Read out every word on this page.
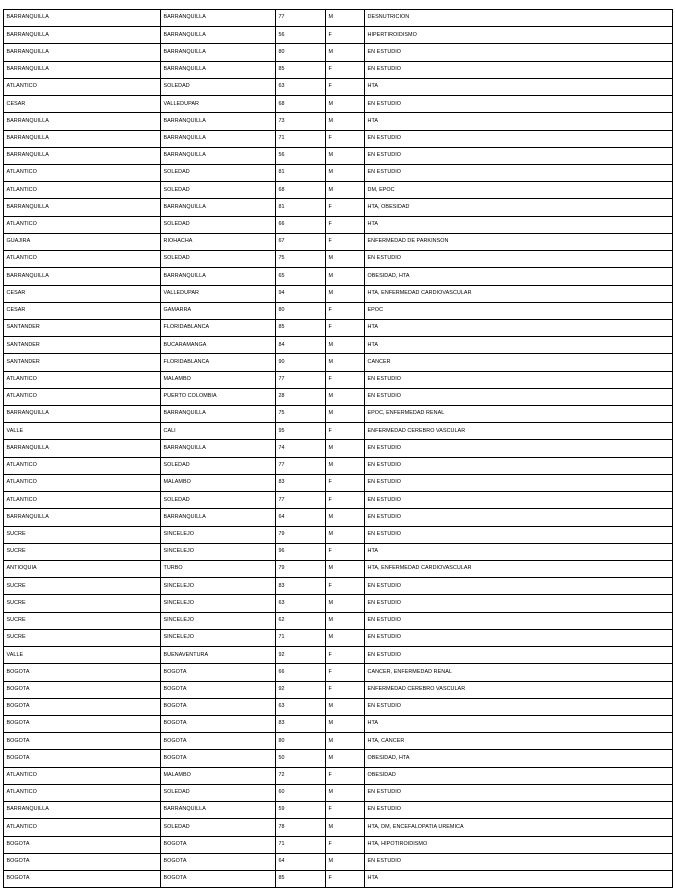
BARRANQUILLA	BARRANQUILLA	77	M	DESNUTRICION
BARRANQUILLA	BARRANQUILLA	56	F	HIPERTIROIDISMO
BARRANQUILLA	BARRANQUILLA	80	M	EN ESTUDIO
BARRANQUILLA	BARRANQUILLA	85	F	EN ESTUDIO
ATLANTICO	SOLEDAD	63	F	HTA
CESAR	VALLEDUPAR	68	M	EN ESTUDIO
BARRANQUILLA	BARRANQUILLA	73	M	HTA
BARRANQUILLA	BARRANQUILLA	71	F	EN ESTUDIO
BARRANQUILLA	BARRANQUILLA	56	M	EN ESTUDIO
ATLANTICO	SOLEDAD	81	M	EN ESTUDIO
ATLANTICO	SOLEDAD	68	M	DM, EPOC
BARRANQUILLA	BARRANQUILLA	81	F	HTA, OBESIDAD
ATLANTICO	SOLEDAD	66	F	HTA
GUAJIRA	RIOHACHA	67	F	ENFERMEDAD DE PARKINSON
ATLANTICO	SOLEDAD	75	M	EN ESTUDIO
BARRANQUILLA	BARRANQUILLA	65	M	OBESIDAD, HTA
CESAR	VALLEDUPAR	94	M	HTA, ENFERMEDAD CARDIOVASCULAR
CESAR	GAMARRA	80	F	EPOC
SANTANDER	FLORIDABLANCA	85	F	HTA
SANTANDER	BUCARAMANGA	84	M	HTA
SANTANDER	FLORIDABLANCA	90	M	CANCER
ATLANTICO	MALAMBO	77	F	EN ESTUDIO
ATLANTICO	PUERTO COLOMBIA	28	M	EN ESTUDIO
BARRANQUILLA	BARRANQUILLA	75	M	EPOC, ENFERMEDAD RENAL
VALLE	CALI	95	F	ENFERMEDAD CEREBRO VASCULAR
BARRANQUILLA	BARRANQUILLA	74	M	EN ESTUDIO
ATLANTICO	SOLEDAD	77	M	EN ESTUDIO
ATLANTICO	MALAMBO	83	F	EN ESTUDIO
ATLANTICO	SOLEDAD	77	F	EN ESTUDIO
BARRANQUILLA	BARRANQUILLA	64	M	EN ESTUDIO
SUCRE	SINCELEJO	79	M	EN ESTUDIO
SUCRE	SINCELEJO	96	F	HTA
ANTIOQUIA	TURBO	79	M	HTA, ENFERMEDAD CARDIOVASCULAR
SUCRE	SINCELEJO	83	F	EN ESTUDIO
SUCRE	SINCELEJO	63	M	EN ESTUDIO
SUCRE	SINCELEJO	62	M	EN ESTUDIO
SUCRE	SINCELEJO	71	M	EN ESTUDIO
VALLE	BUENAVENTURA	92	F	EN ESTUDIO
BOGOTA	BOGOTA	66	F	CANCER, ENFERMEDAD RENAL
BOGOTA	BOGOTA	92	F	ENFERMEDAD CEREBRO VASCULAR
BOGOTA	BOGOTA	63	M	EN ESTUDIO
BOGOTA	BOGOTA	83	M	HTA
BOGOTA	BOGOTA	80	M	HTA, CANCER
BOGOTA	BOGOTA	50	M	OBESIDAD, HTA
ATLANTICO	MALAMBO	72	F	OBESIDAD
ATLANTICO	SOLEDAD	60	M	EN ESTUDIO
BARRANQUILLA	BARRANQUILLA	59	F	EN ESTUDIO
ATLANTICO	SOLEDAD	78	M	HTA, DM, ENCEFALOPATIA UREMICA
BOGOTA	BOGOTA	71	F	HTA, HIPOTIROIDISMO
BOGOTA	BOGOTA	64	M	EN ESTUDIO
BOGOTA	BOGOTA	85	F	HTA
